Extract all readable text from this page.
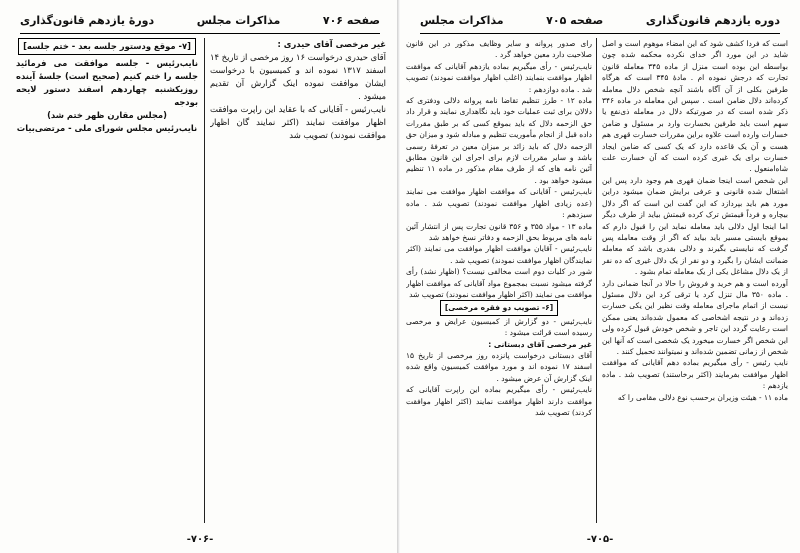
صفحه ۷۰۶
مذاکرات مجلس
دورهٔ یازدهم قانون‌گذاری

[۷- موقع ودستور جلسه بعد - ختم جلسه]

نایب‌رئیس - جلسه موافقت می فرمائید جلسه را ختم کنیم (صحیح است) جلسهٔ آینده روزیکشنبه چهاردهم اسفند دستور لایحه بودجه

(مجلس مقارن ظهر ختم شد)

نایب‌رئیس مجلس شورای ملی - مرتضی‌بیات

غیر مرخصی آقای حیدری :

آقای حیدری درخواست ۱۶ روز مرخصی از تاریخ ۱۴ اسفند ۱۳۱۷ نموده اند و کمیسیون با درخواست ایشان موافقت نموده اینک گزارش آن تقدیم میشود .

نایب‌رئیس - آقایانی که با عقاید این راپرت موافقت اظهار موافقت نمایند (اکثر نمایند گان اظهار موافقت نمودند) تصویب شد

-۷۰۶-
دوره یازدهم قانون‌گذاری
صفحه ۷۰۵
مذاکرات مجلس

رای صدور پروانه و سایر وظایف مذکور در این قانون صلاحیت دارد معین خواهد گرد .

نایب‌رئیس - رأی میگیریم بماده یازدهم آقایانی که موافقت اظهار موافقت بنمایند (اغلب اظهار موافقت نمودند) تصویب شد . ماده دوازدهم :

ماده ۱۲ - طرز تنظیم تقاضا نامه پروانه دلالی ودفتری که دلالان برای ثبت عملیات خود باید نگاهداری نمایند و قرار داد حق الزحمه دلال که باید بموقع کسی که بر طبق مقررات داده قبل از انجام مأموریت تنظیم و مبادله شود و میزان حق الزحمه دلال که باید زائد بر میزان معین در تعرفهٔ رسمی باشد و سایر مقررات لازم برای اجرای این قانون مطابق آئین نامه های که از طرف مقام مذکور در ماده ۱۱ تنظیم میشود خواهد بود .

نایب‌رئیس - آقایانی که موافقت اظهار موافقت می نمایند (عده زیادی اظهار موافقت نمودند) تصویب شد . ماده سیزدهم :

ماده ۱۳ - مواد ۳۵۵ و ۳۵۶ قانون تجارت پس از انتشار آئین نامه های مربوط بحق الزحمه و دفاتر نسخ خواهد شد

نایب‌رئیس - آقایان موافقت اظهار موافقت می نمایند (اکثر نمایندگان اظهار موافقت نمودند) تصویب شد .

شور در کلیات دوم است مخالفی نیست؟ (اظهار نشد) رأی گرفته میشود نسبت بمجموع مواد آقایانی که موافقت اظهار موافقت می نمایند (اکثر اظهار موافقت نمودند) تصویب شد

[۶- تصویب دو فقره مرخصی]

نایب‌رئیس - دو گزارش از کمیسیون عرایض و مرخصی رسیده است قرائت میشود :

غیر مرخصی آقای دبستانی :

آقای دبستانی درخواست پانزده روز مرخصی از تاریخ ۱۵ اسفند ۱۷ نموده اند و مورد موافقت کمیسیون واقع شده اینک گزارش آن عرض میشود .

نایب‌رئیس - رأی میگیریم بماده این راپرت آقایانی که موافقت دارند اظهار موافقت نمایند (اکثر اظهار موافقت کردند) تصویب شد

است که فردا کشف شود که این امضاء موهوم است و اصل شاید در این مورد اگر خدای نکرده محکمه شده چون بواسطه این بوده است منزل از ماده ۳۴۵ معامله قانون تجارت که درجش نموده ام . مادهٔ ۳۴۵ است که هرگاه طرفین بکلی از آن آگاه باشند آنچه شخص دلال معامله کرده‌اند دلال ضامن است . سپس این معامله در ماده ۳۴۶ ذکر شده است که در صورتیکه دلال در معامله ذی‌نفع یا سهم است باید طرفین بخسارت وارد بر مسئول و ضامن خسارات وارده است علاوه براین مقررات خسارت قهری هم هست و آن یک قاعده دارد که یک کسی که ضامن ایجاد خسارت برای یک غیری کرده است که آن خسارت علت شاه‌امنعول .

این شخص است اینجا ضمان قهری هم وجود دارد پس این اشتغال شده قانونی و عرفی برایش ضمان میشود دراین مورد هم باید بپردازد که این گفت این است که اگر دلال بیچاره و فرداً قیمتش ترک کرده قیمتش بیاید از طرف دیگر اما اینجا اول دلالی باید معامله نماید این را قبول دارم که بموقع بایستی مسیر باید بیاید که اگر از وقت معامله پس گرفت که نبایستی بگیرند و دلالی بقدری باشد که معامله ضمانت ایشان را بگیرد و دو نفر از یک دلال غیری که ده نفر از یک دلال مشاغل یکی از یک معامله تمام بشود .

آورده است و هم خرید و فروش را حالا در آنجا ضمانی دارد . ماده ۳۵۰ مال تنزل کرد یا ترقی کرد این دلال مسئول نیست از اتمام ماجرای معامله وقت نظیر این یکی خسارت زده‌اند و در نتیجه اشخاصی که معمول شده‌اند یعنی ممکن است رعایت گردد این تاجر و شخص خودش قبول کرده ولی این شخص اگر خسارت میخورد یک شخصی است که آنها این شخص از زمانی تضمین شده‌اند و نمیتوانند تحمیل کنند .

نایب رئیس - رأی میگیریم بماده دهم آقایانی که موافقت اظهار موافقت بفرمایند (اکثر برخاستند) تصویب شد . ماده یازدهم :

ماده ۱۱ - هیئت وزیران برحسب نوع دلالی مقامی را که

-۷۰۵-
